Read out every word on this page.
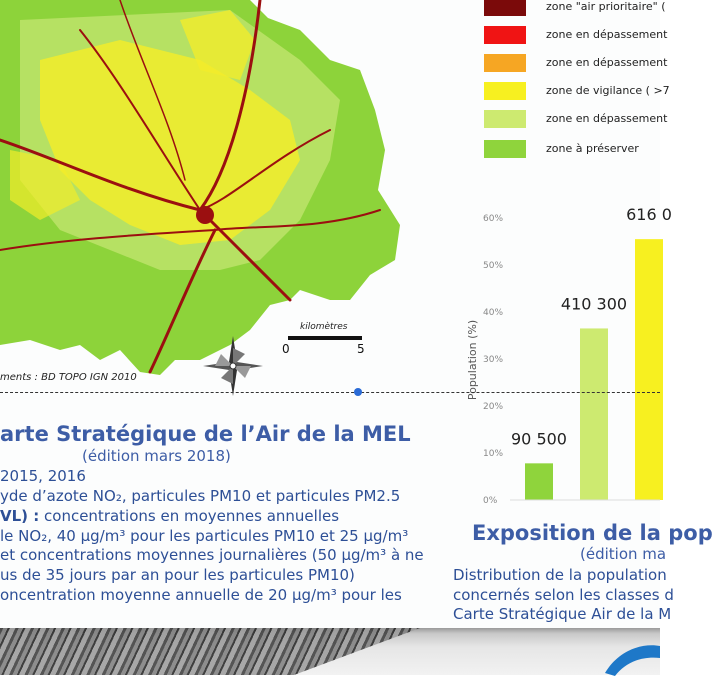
ments : BD TOPO IGN 2010
kilomètres
0	5
zone "air prioritaire" (
zone en dépassement
zone en dépassement
zone de vigilance ( >7
zone en dépassement
zone à préserver
Population (%)
0%
10%
20%
30%
40%
50%
60%
90 500
410 300
616 0
arte Stratégique de l’Air de la MEL
(édition mars 2018)
2015, 2016
yde d’azote NO₂, particules PM10 et particules PM2.5
VL) : concentrations en moyennes annuelles
le NO₂, 40 µg/m³ pour les particules PM10 et 25 µg/m³
et concentrations moyennes journalières (50 µg/m³ à ne
us de 35 jours par an pour les particules PM10)
oncentration moyenne annuelle de 20 µg/m³ pour les
Exposition de la pop
(édition ma
Distribution de la population
concernés selon les classes d
Carte Stratégique Air de la M
